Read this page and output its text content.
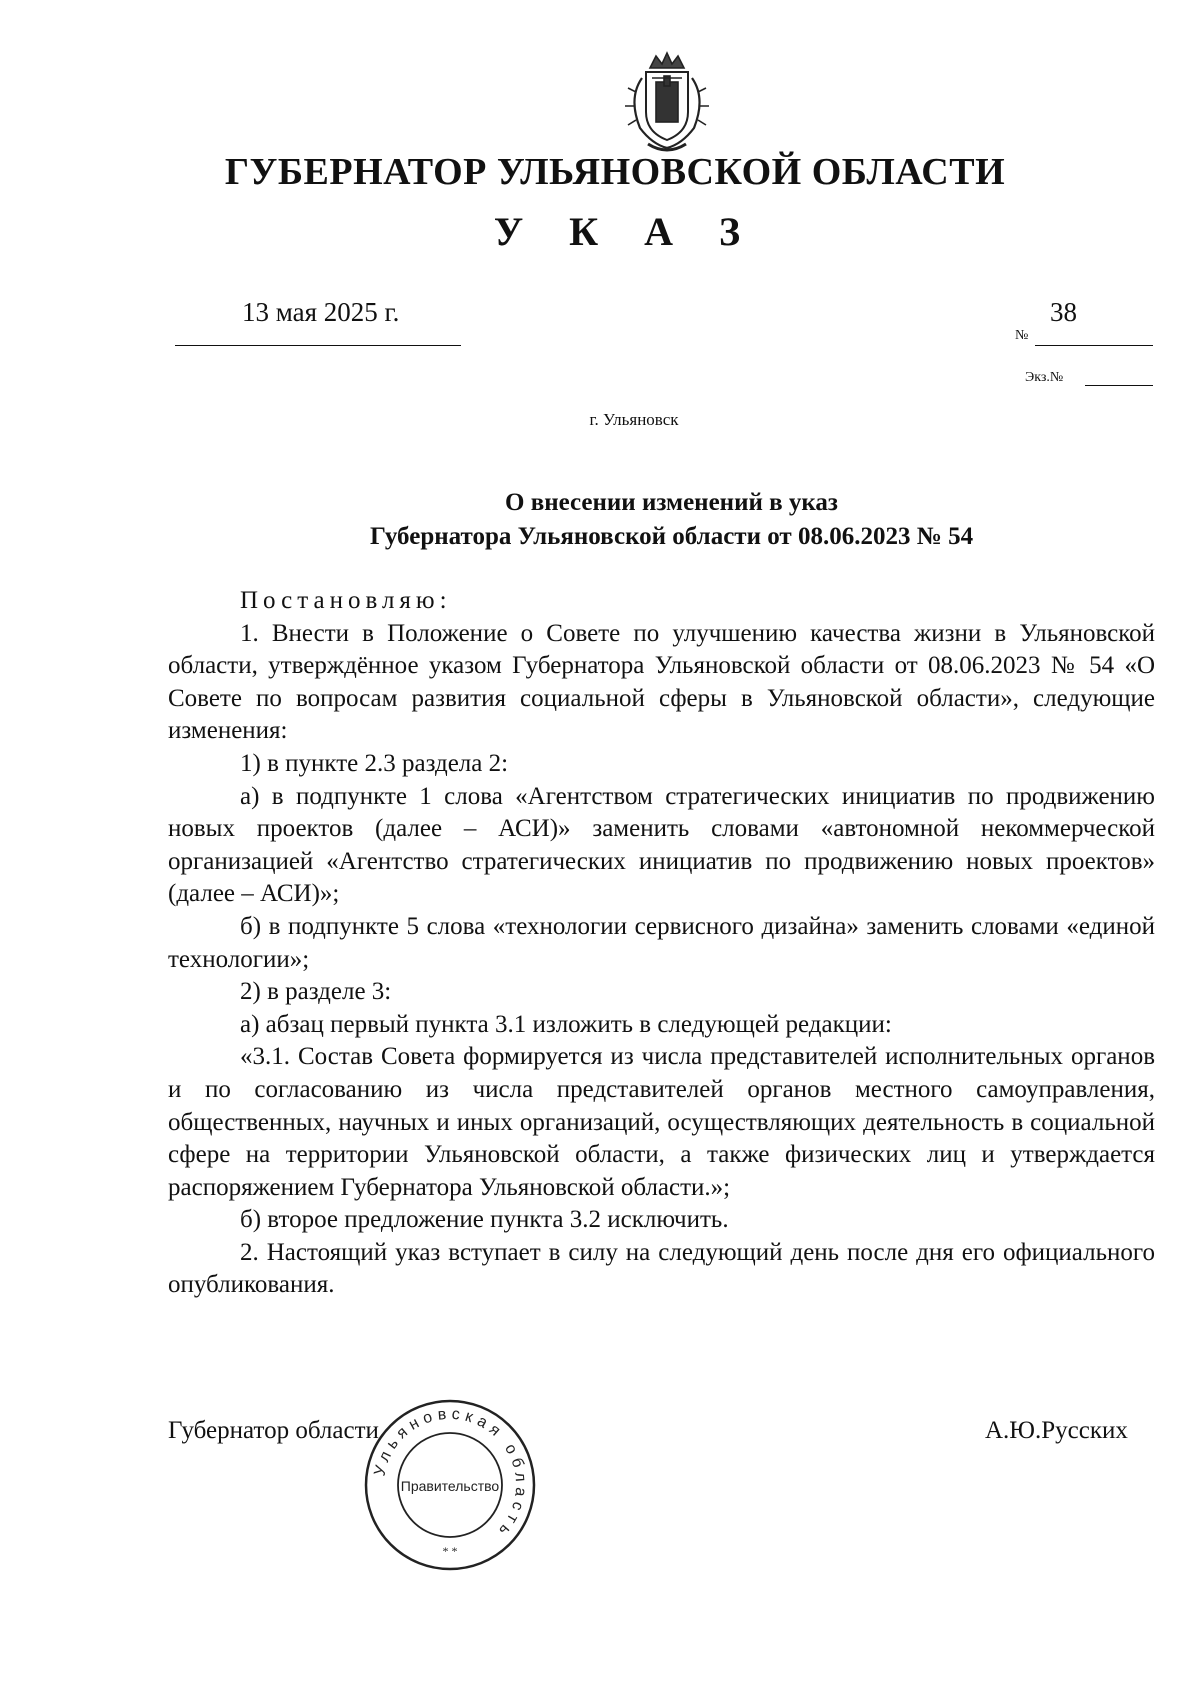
ГУБЕРНАТОР УЛЬЯНОВСКОЙ ОБЛАСТИ
У К А З
13 мая 2025 г.	38
№
Экз.№
г. Ульяновск
О внесении изменений в указ
Губернатора Ульяновской области от 08.06.2023 № 54

Постановляю:

1. Внести в Положение о Совете по улучшению качества жизни в Ульяновской области, утверждённое указом Губернатора Ульяновской области от 08.06.2023 № 54 «О Совете по вопросам развития социальной сферы в Ульяновской области», следующие изменения:

1) в пункте 2.3 раздела 2:

а) в подпункте 1 слова «Агентством стратегических инициатив по продвижению новых проектов (далее – АСИ)» заменить словами «автономной некоммерческой организацией «Агентство стратегических инициатив по продвижению новых проектов» (далее – АСИ)»;

б) в подпункте 5 слова «технологии сервисного дизайна» заменить словами «единой технологии»;

2) в разделе 3:

а) абзац первый пункта 3.1 изложить в следующей редакции:

«3.1. Состав Совета формируется из числа представителей исполнительных органов и по согласованию из числа представителей органов местного самоуправления, общественных, научных и иных организаций, осуществляющих деятельность в социальной сфере на территории Ульяновской области, а также физических лиц и утверждается распоряжением Губернатора Ульяновской области.»;

б) второе предложение пункта 3.2 исключить.

2. Настоящий указ вступает в силу на следующий день после дня его официального опубликования.

Губернатор области	А.Ю.Русских
Ульяновская область
Правительство
* *
